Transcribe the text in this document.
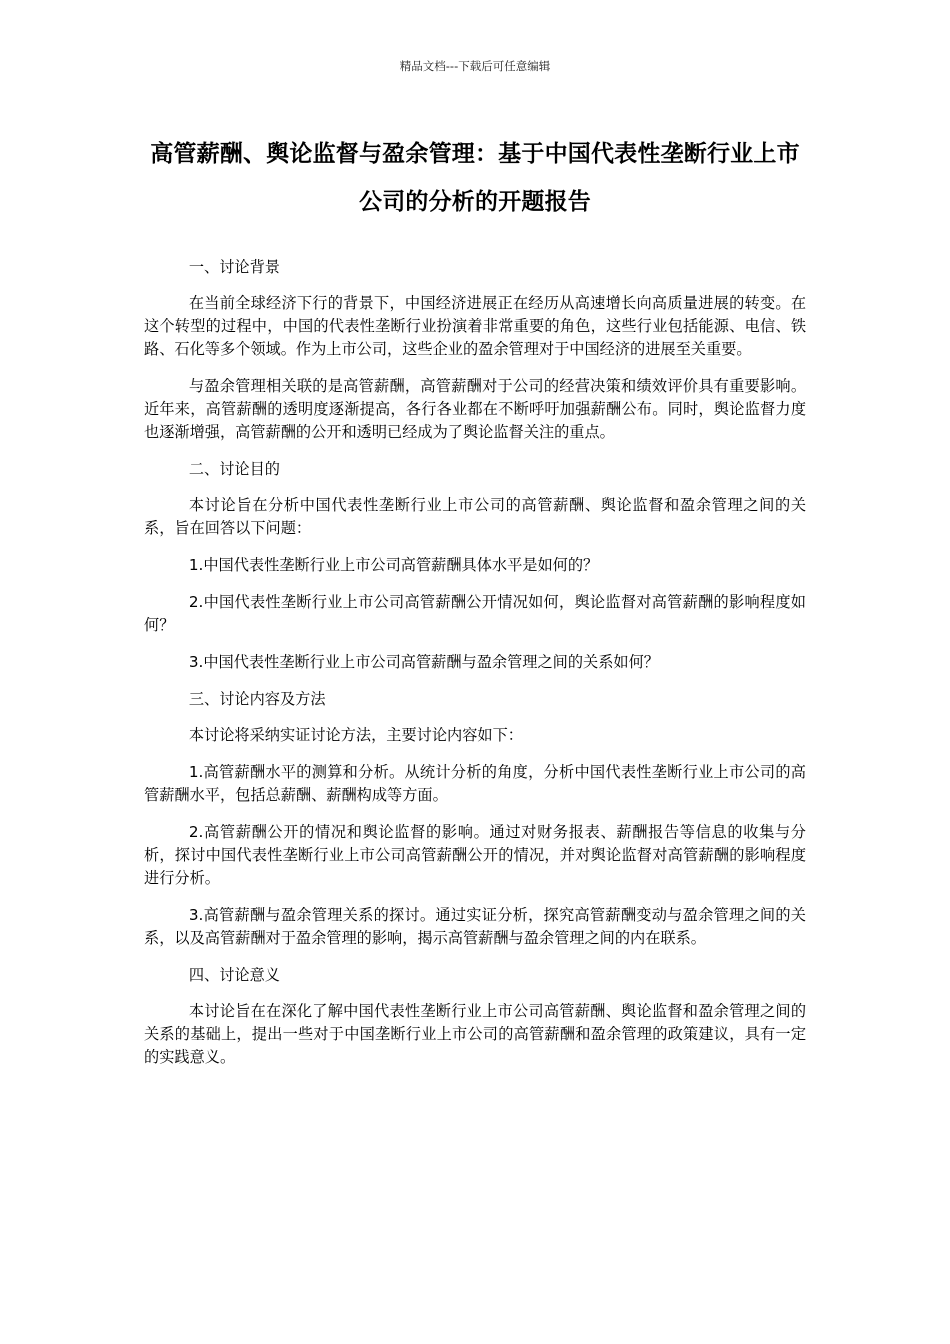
精品文档---下载后可任意编辑
高管薪酬、舆论监督与盈余管理：基于中国代表性垄断行业上市公司的分析的开题报告

一、讨论背景

在当前全球经济下行的背景下，中国经济进展正在经历从高速增长向高质量进展的转变。在这个转型的过程中，中国的代表性垄断行业扮演着非常重要的角色，这些行业包括能源、电信、铁路、石化等多个领域。作为上市公司，这些企业的盈余管理对于中国经济的进展至关重要。

与盈余管理相关联的是高管薪酬，高管薪酬对于公司的经营决策和绩效评价具有重要影响。近年来，高管薪酬的透明度逐渐提高，各行各业都在不断呼吁加强薪酬公布。同时，舆论监督力度也逐渐增强，高管薪酬的公开和透明已经成为了舆论监督关注的重点。

二、讨论目的

本讨论旨在分析中国代表性垄断行业上市公司的高管薪酬、舆论监督和盈余管理之间的关系，旨在回答以下问题：

1.中国代表性垄断行业上市公司高管薪酬具体水平是如何的？

2.中国代表性垄断行业上市公司高管薪酬公开情况如何，舆论监督对高管薪酬的影响程度如何？

3.中国代表性垄断行业上市公司高管薪酬与盈余管理之间的关系如何？

三、讨论内容及方法

本讨论将采纳实证讨论方法，主要讨论内容如下：

1.高管薪酬水平的测算和分析。从统计分析的角度，分析中国代表性垄断行业上市公司的高管薪酬水平，包括总薪酬、薪酬构成等方面。

2.高管薪酬公开的情况和舆论监督的影响。通过对财务报表、薪酬报告等信息的收集与分析，探讨中国代表性垄断行业上市公司高管薪酬公开的情况，并对舆论监督对高管薪酬的影响程度进行分析。

3.高管薪酬与盈余管理关系的探讨。通过实证分析，探究高管薪酬变动与盈余管理之间的关系，以及高管薪酬对于盈余管理的影响，揭示高管薪酬与盈余管理之间的内在联系。

四、讨论意义

本讨论旨在在深化了解中国代表性垄断行业上市公司高管薪酬、舆论监督和盈余管理之间的关系的基础上，提出一些对于中国垄断行业上市公司的高管薪酬和盈余管理的政策建议，具有一定的实践意义。
